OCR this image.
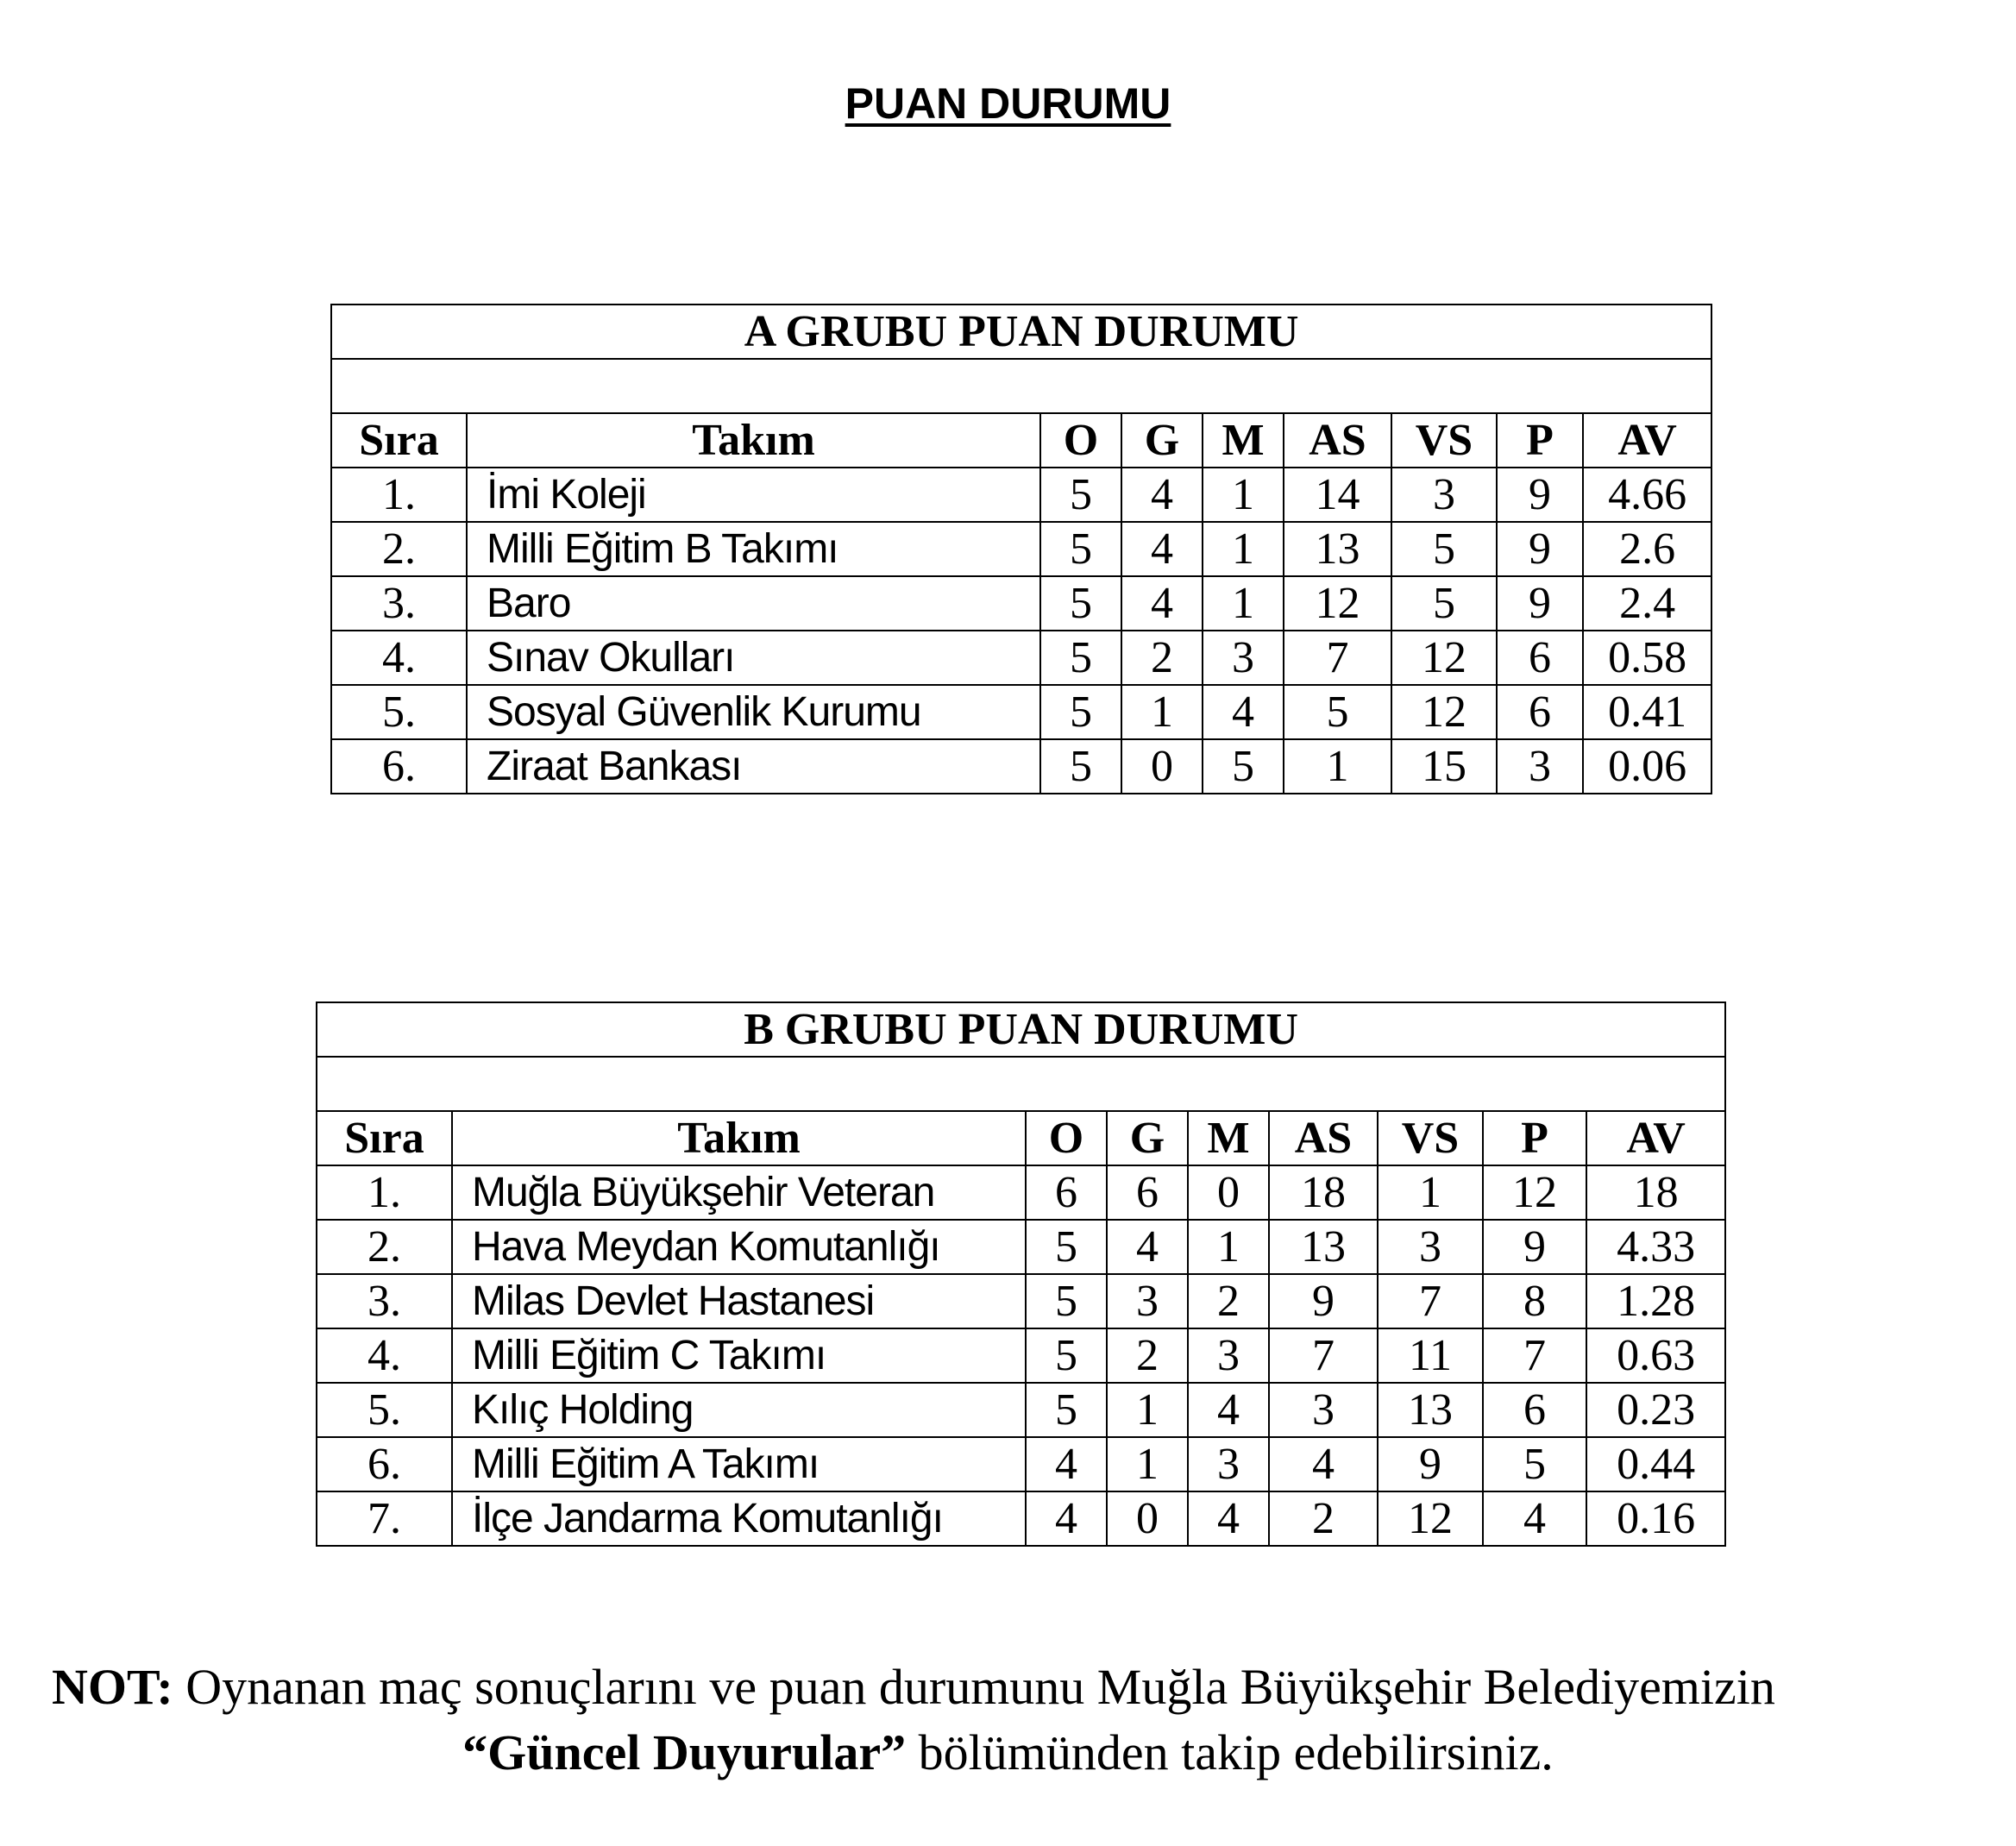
PUAN DURUMU
A GRUBU PUAN DURUMU								

Sıra	Takım	O	G	M	AS	VS	P	AV
1.	İmi Koleji	5	4	1	14	3	9	4.66
2.	Milli Eğitim B Takımı	5	4	1	13	5	9	2.6
3.	Baro	5	4	1	12	5	9	2.4
4.	Sınav Okulları	5	2	3	7	12	6	0.58
5.	Sosyal Güvenlik Kurumu	5	1	4	5	12	6	0.41
6.	Ziraat Bankası	5	0	5	1	15	3	0.06
B GRUBU PUAN DURUMU								

Sıra	Takım	O	G	M	AS	VS	P	AV
1.	Muğla Büyükşehir Veteran	6	6	0	18	1	12	18
2.	Hava Meydan Komutanlığı	5	4	1	13	3	9	4.33
3.	Milas Devlet Hastanesi	5	3	2	9	7	8	1.28
4.	Milli Eğitim C Takımı	5	2	3	7	11	7	0.63
5.	Kılıç Holding	5	1	4	3	13	6	0.23
6.	Milli Eğitim A Takımı	4	1	3	4	9	5	0.44
7.	İlçe Jandarma Komutanlığı	4	0	4	2	12	4	0.16
NOT: Oynanan maç sonuçlarını ve puan durumunu Muğla Büyükşehir Belediyemizin
“Güncel Duyurular” bölümünden takip edebilirsiniz.
